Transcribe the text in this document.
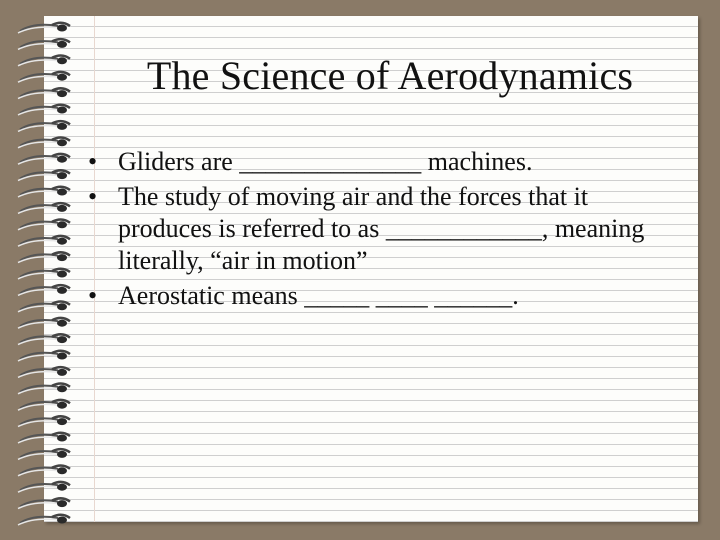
The Science of Aerodynamics
• Gliders are ______________ machines.
• The study of moving air and the forces that it produces is referred to as ____________, meaning literally, “air in motion”
• Aerostatic means _____ ____ ______.
